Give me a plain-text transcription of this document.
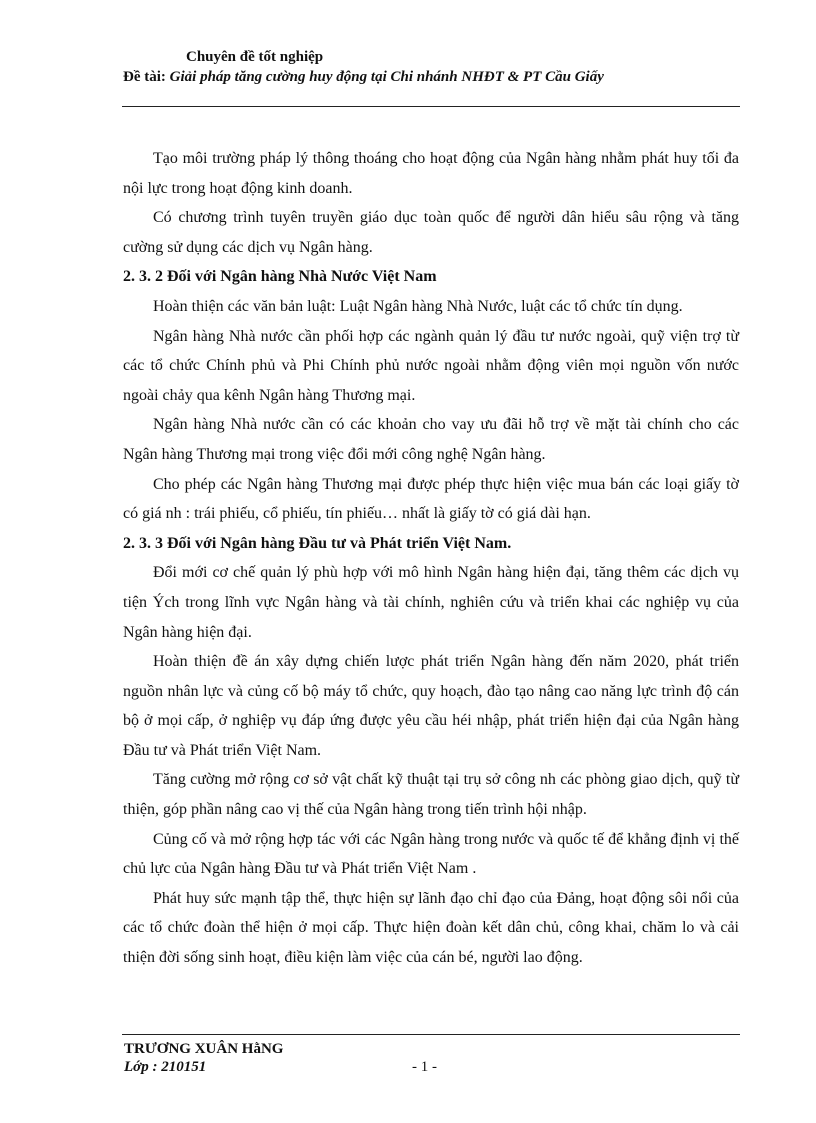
Chuyên đề tốt nghiệp
Đề tài: Giải pháp tăng cường huy động tại Chi nhánh NHĐT & PT Cầu Giấy

Tạo môi trường pháp lý thông thoáng cho hoạt động của Ngân hàng nhằm phát huy tối đa nội lực trong hoạt động kinh doanh.

Có chương trình tuyên truyền giáo dục toàn quốc để người dân hiểu sâu rộng và tăng cường sử dụng các dịch vụ Ngân hàng.

2. 3. 2 Đối với Ngân hàng Nhà Nước Việt Nam

Hoàn thiện các văn bản luật: Luật Ngân hàng Nhà Nước, luật các tổ chức tín dụng.

Ngân hàng Nhà nước cần phối hợp các ngành quản lý đầu tư nước ngoài, quỹ viện trợ từ các tổ chức Chính phủ và Phi Chính phủ nước ngoài nhằm động viên mọi nguồn vốn nước ngoài chảy qua kênh Ngân hàng Thương mại.

Ngân hàng Nhà nước cần có các khoản cho vay ưu đãi hỗ trợ về mặt tài chính cho các Ngân hàng Thương mại trong việc đổi mới công nghệ Ngân hàng.

Cho phép các Ngân hàng Thương mại được phép thực hiện việc mua bán các loại giấy tờ có giá nh : trái phiếu, cổ phiếu, tín phiếu… nhất là giấy tờ có giá dài hạn.

2. 3. 3 Đối với Ngân hàng Đầu tư và Phát triển Việt Nam.

Đổi mới cơ chế quản lý phù hợp với mô hình Ngân hàng hiện đại, tăng thêm các dịch vụ tiện Ých trong lĩnh vực Ngân hàng và tài chính, nghiên cứu và triển khai các nghiệp vụ của Ngân hàng hiện đại.

Hoàn thiện đề án xây dựng chiến lược phát triển Ngân hàng đến năm 2020, phát triển nguồn nhân lực và củng cố bộ máy tổ chức, quy hoạch, đào tạo nâng cao năng lực trình độ cán bộ ở mọi cấp, ở nghiệp vụ đáp ứng được yêu cầu héi nhập, phát triển hiện đại của Ngân hàng Đầu tư và Phát triển Việt Nam.

Tăng cường mở rộng cơ sở vật chất kỹ thuật tại trụ sở công nh các phòng giao dịch, quỹ từ thiện, góp phần nâng cao vị thế của Ngân hàng trong tiến trình hội nhập.

Củng cố và mở rộng hợp tác với các Ngân hàng trong nước và quốc tế để khẳng định vị thế chủ lực của Ngân hàng Đầu tư và Phát triển Việt Nam .

Phát huy sức mạnh tập thể, thực hiện sự lãnh đạo chỉ đạo của Đảng, hoạt động sôi nổi của các tổ chức đoàn thể hiện ở mọi cấp. Thực hiện đoàn kết dân chủ, công khai, chăm lo và cải thiện đời sống sinh hoạt, điều kiện làm việc của cán bé, người lao động.

TRƯƠNG XUÂN HằNG
Lớp : 210151	- 1 -
